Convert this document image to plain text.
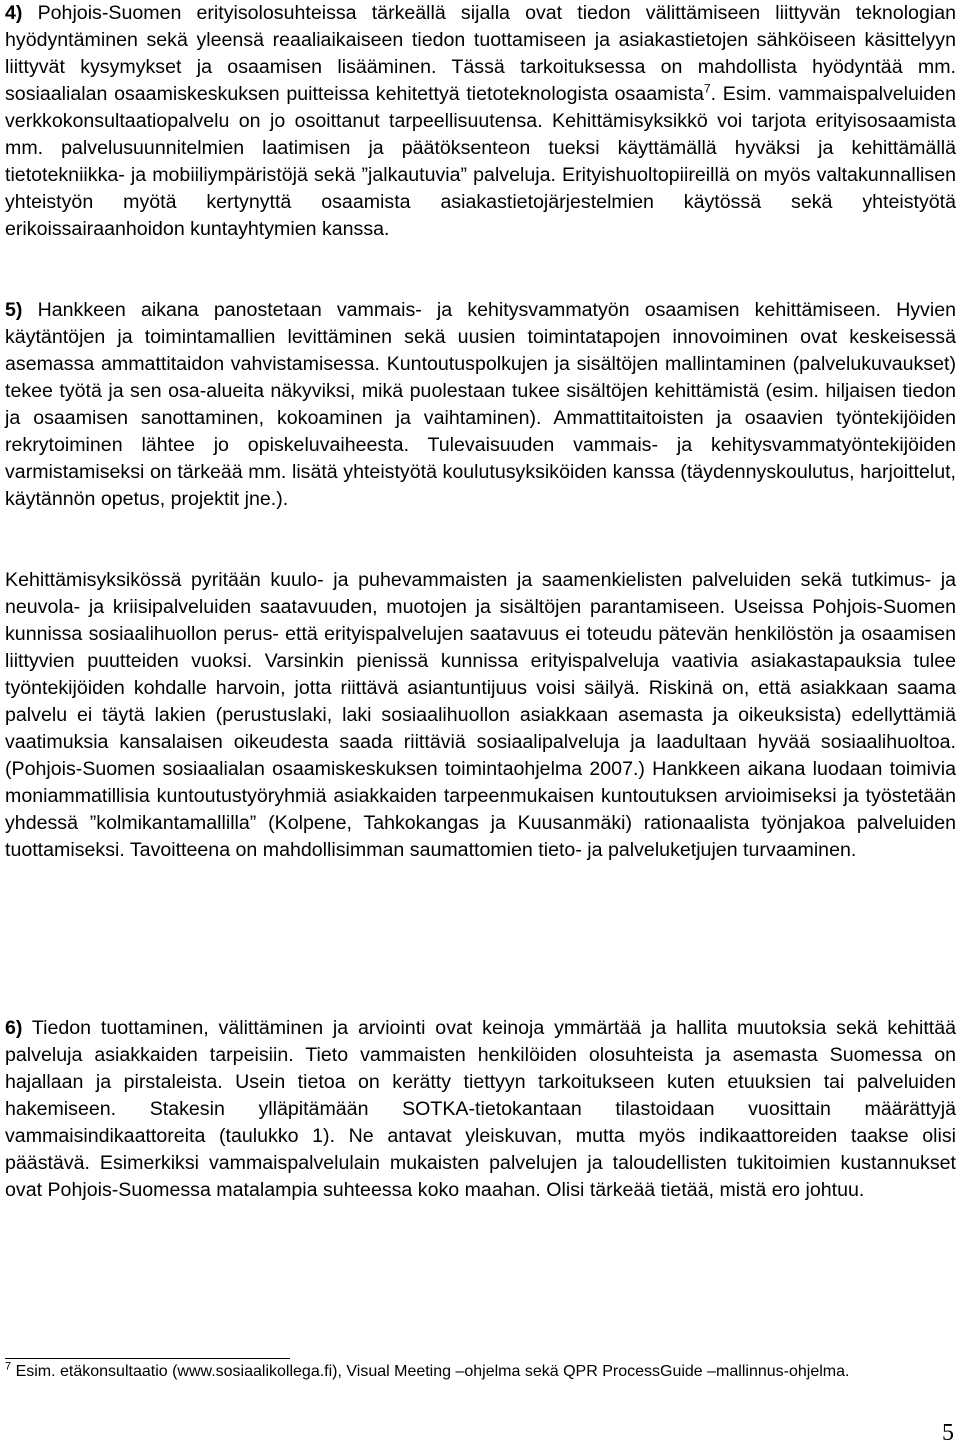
4) Pohjois-Suomen erityisolosuhteissa tärkeällä sijalla ovat tiedon välittämiseen liittyvän teknologian hyödyntäminen sekä yleensä reaaliaikaiseen tiedon tuottamiseen ja asiakastietojen sähköiseen käsittelyyn liittyvät kysymykset ja osaamisen lisääminen. Tässä tarkoituksessa on mahdollista hyödyntää mm. sosiaalialan osaamiskeskuksen puitteissa kehitettyä tietoteknologista osaamista$^7$. Esim. vammaispalveluiden verkkokonsultaatiopalvelu on jo osoittanut tarpeellisuutensa. Kehittämisyksikkö voi tarjota erityisosaamista mm. palvelusuunnitelmien laatimisen ja päätöksenteon tueksi käyttämällä hyväksi ja kehittämällä tietotekniikka- ja mobiiliympäristöjä sekä ”jalkautuvia” palveluja. Erityishuoltopiireillä on myös valtakunnallisen yhteistyön myötä kertynyttä osaamista asiakastietojärjestelmien käytössä sekä yhteistyötä erikoissairaanhoidon kuntayhtymien kanssa.

5) Hankkeen aikana panostetaan vammais- ja kehitysvammatyön osaamisen kehittämiseen. Hyvien käytäntöjen ja toimintamallien levittäminen sekä uusien toimintatapojen innovoiminen ovat keskeisessä asemassa ammattitaidon vahvistamisessa. Kuntoutuspolkujen ja sisältöjen mallintaminen (palvelukuvaukset) tekee työtä ja sen osa-alueita näkyviksi, mikä puolestaan tukee sisältöjen kehittämistä (esim. hiljaisen tiedon ja osaamisen sanottaminen, kokoaminen ja vaihtaminen). Ammattitaitoisten ja osaavien työntekijöiden rekrytoiminen lähtee jo opiskeluvaiheesta. Tulevaisuuden vammais- ja kehitysvammatyöntekijöiden varmistamiseksi on tärkeää mm. lisätä yhteistyötä koulutusyksiköiden kanssa (täydennyskoulutus, harjoittelut, käytännön opetus, projektit jne.).

Kehittämisyksikössä pyritään kuulo- ja puhevammaisten ja saamenkielisten palveluiden sekä tutkimus- ja neuvola- ja kriisipalveluiden saatavuuden, muotojen ja sisältöjen parantamiseen. Useissa Pohjois-Suomen kunnissa sosiaalihuollon perus- että erityispalvelujen saatavuus ei toteudu pätevän henkilöstön ja osaamisen liittyvien puutteiden vuoksi. Varsinkin pienissä kunnissa erityispalveluja vaativia asiakastapauksia tulee työntekijöiden kohdalle harvoin, jotta riittävä asiantuntijuus voisi säilyä. Riskinä on, että asiakkaan saama palvelu ei täytä lakien (perustuslaki, laki sosiaalihuollon asiakkaan asemasta ja oikeuksista) edellyttämiä vaatimuksia kansalaisen oikeudesta saada riittäviä sosiaalipalveluja ja laadultaan hyvää sosiaalihuoltoa. (Pohjois-Suomen sosiaalialan osaamiskeskuksen toimintaohjelma 2007.) Hankkeen aikana luodaan toimivia moniammatillisia kuntoutustyöryhmiä asiakkaiden tarpeenmukaisen kuntoutuksen arvioimiseksi ja työstetään yhdessä ”kolmikantamallilla” (Kolpene, Tahkokangas ja Kuusanmäki) rationaalista työnjakoa palveluiden tuottamiseksi. Tavoitteena on mahdollisimman saumattomien tieto- ja palveluketjujen turvaaminen.

6) Tiedon tuottaminen, välittäminen ja arviointi ovat keinoja ymmärtää ja hallita muutoksia sekä kehittää palveluja asiakkaiden tarpeisiin. Tieto vammaisten henkilöiden olosuhteista ja asemasta Suomessa on hajallaan ja pirstaleista. Usein tietoa on kerätty tiettyyn tarkoitukseen kuten etuuksien tai palveluiden hakemiseen. Stakesin ylläpitämään SOTKA-tietokantaan tilastoidaan vuosittain määrättyjä vammaisindikaattoreita (taulukko 1). Ne antavat yleiskuvan, mutta myös indikaattoreiden taakse olisi päästävä. Esimerkiksi vammaispalvelulain mukaisten palvelujen ja taloudellisten tukitoimien kustannukset ovat Pohjois-Suomessa matalampia suhteessa koko maahan. Olisi tärkeää tietää, mistä ero johtuu.

$^7$ Esim. etäkonsultaatio (www.sosiaalikollega.fi), Visual Meeting –ohjelma sekä QPR ProcessGuide –mallinnus-ohjelma.

5
